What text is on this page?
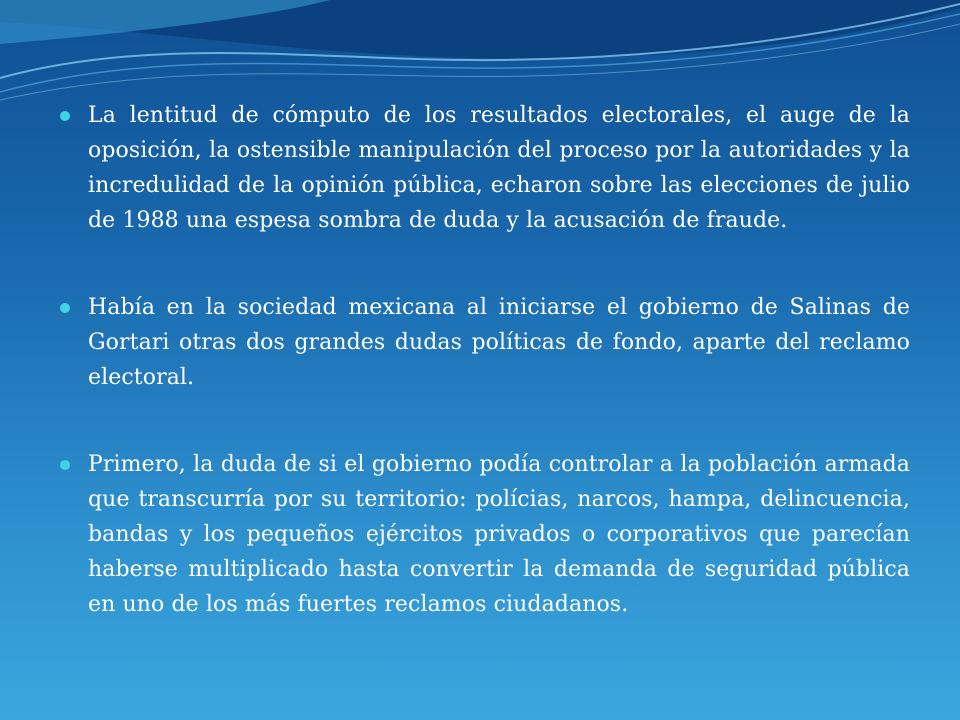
La lentitud de cómputo de los resultados electorales, el auge de la oposición, la ostensible manipulación del proceso por la autoridades y la incredulidad de la opinión pública, echaron sobre las elecciones de julio de 1988 una espesa sombra de duda y la acusación de fraude.

Había en la sociedad mexicana al iniciarse el gobierno de Salinas de Gortari otras dos grandes dudas políticas de fondo, aparte del reclamo electoral.

Primero, la duda de si el gobierno podía controlar a la población armada que transcurría por su territorio: polícias, narcos, hampa, delincuencia, bandas y los pequeños ejércitos privados o corporativos que parecían haberse multiplicado hasta convertir la demanda de seguridad pública en uno de los más fuertes reclamos ciudadanos.
